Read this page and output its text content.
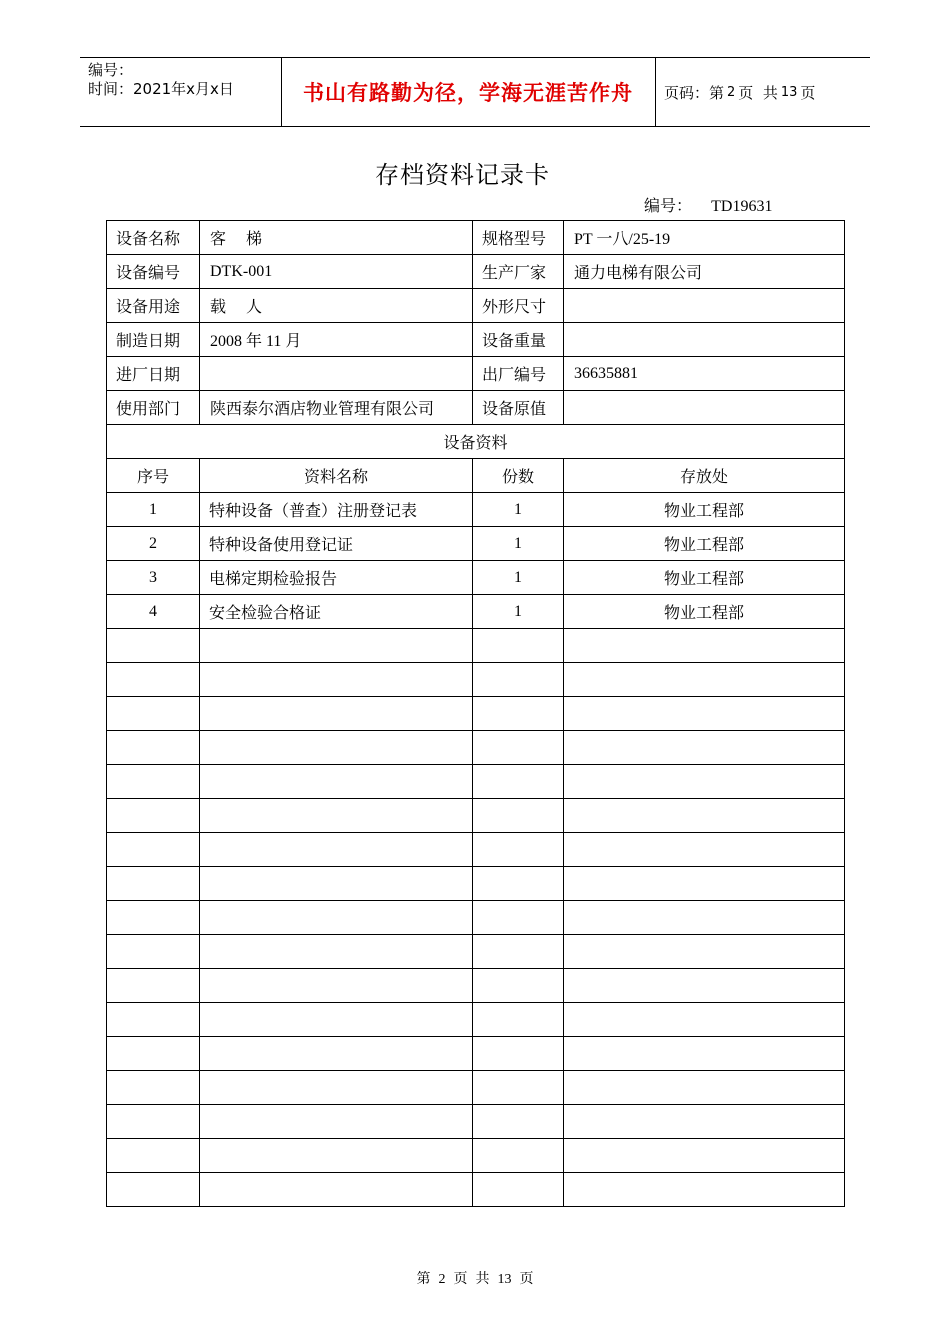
编号：
时间：2021年x月x日	书山有路勤为径，学海无涯苦作舟	页码：第 2 页  共 13 页
存档资料记录卡
编号： TD19631
设备名称	客　 梯	规格型号	PT 一八/25-19
设备编号	DTK-001	生产厂家	通力电梯有限公司
设备用途	载　 人	外形尺寸	
制造日期	2008 年 11 月	设备重量	
进厂日期		出厂编号	36635881
使用部门	陕西泰尔酒店物业管理有限公司	设备原值	
设备资料			
序号	资料名称	份数	存放处
1	特种设备（普查）注册登记表	1	物业工程部
2	特种设备使用登记证	1	物业工程部
3	电梯定期检验报告	1	物业工程部
4	安全检验合格证	1	物业工程部

第 2 页 共 13 页
